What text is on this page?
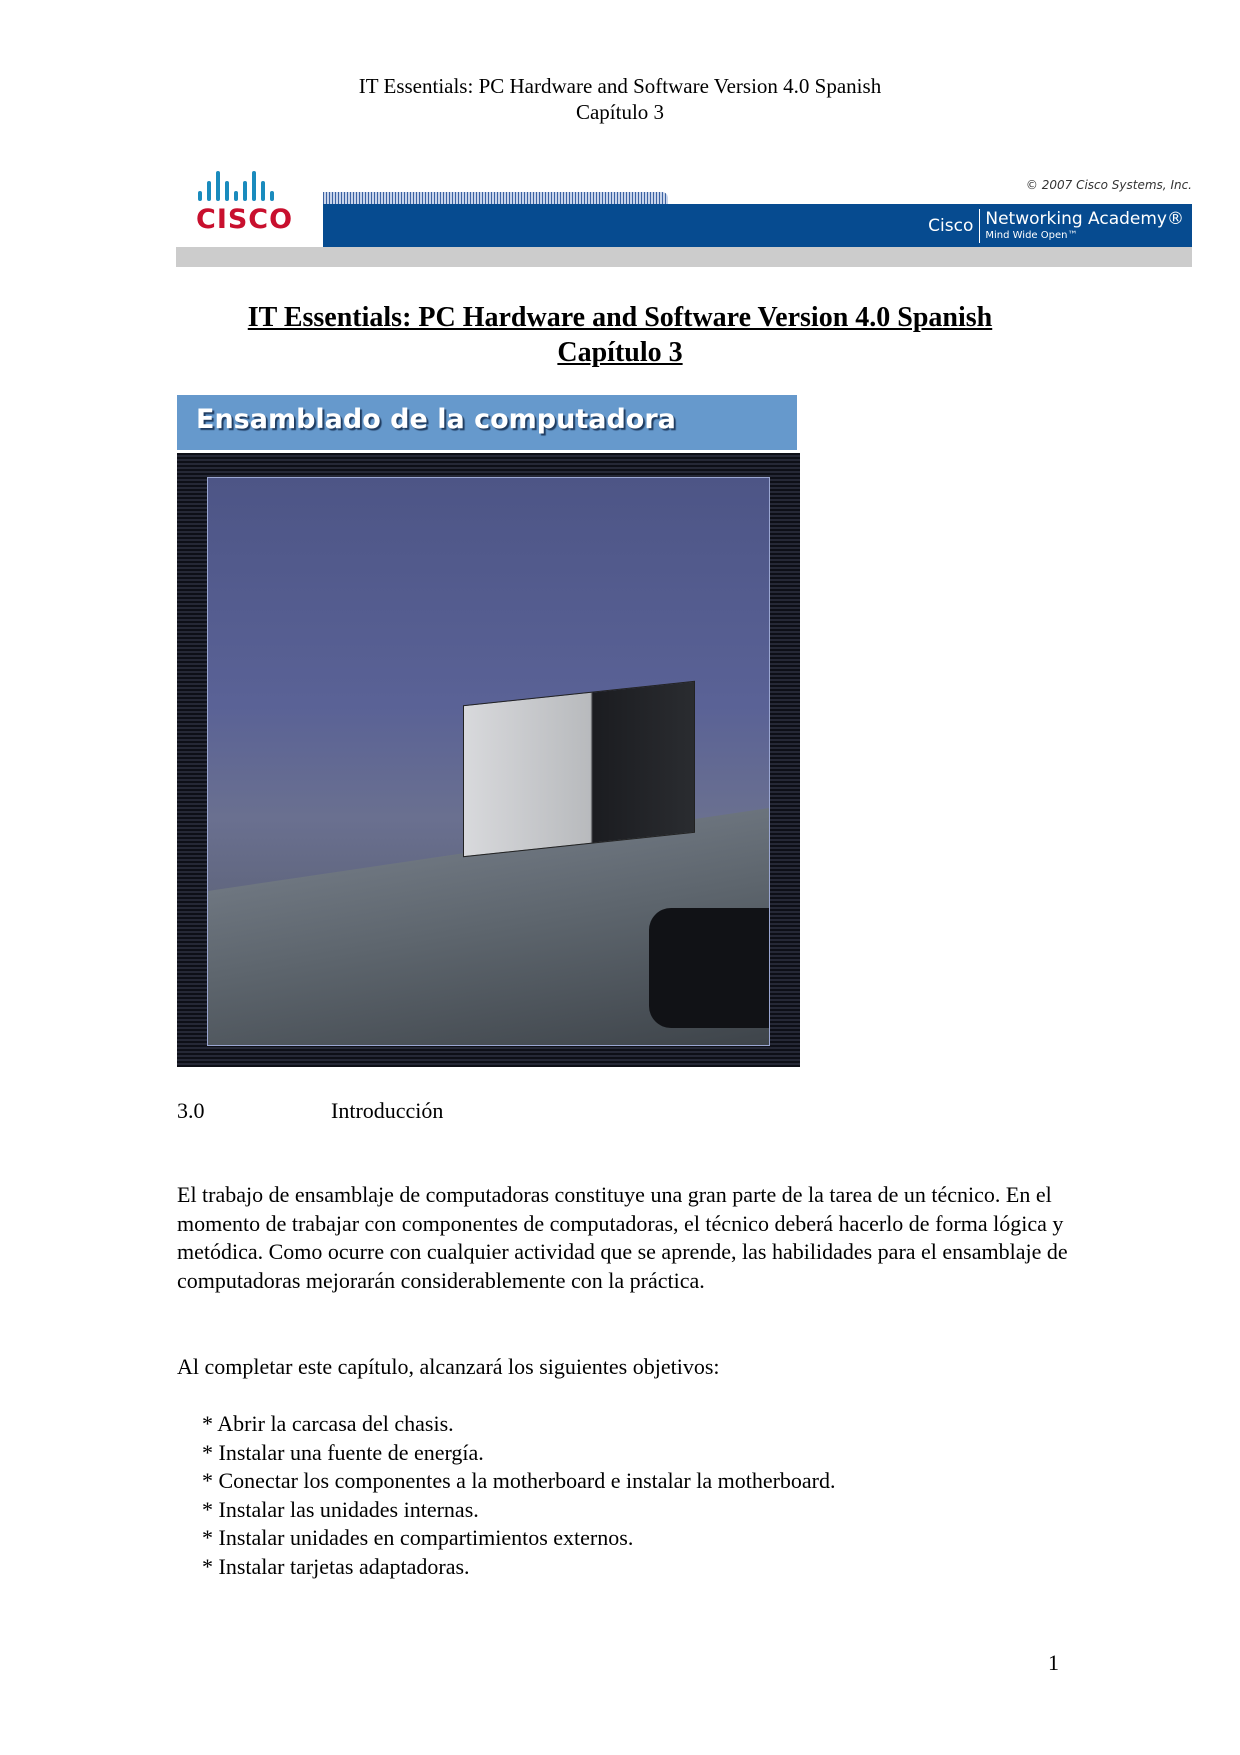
IT Essentials: PC Hardware and Software Version 4.0 Spanish
Capítulo 3
CISCO
© 2007 Cisco Systems, Inc.
Cisco Networking Academy®
Mind Wide Open™
IT Essentials: PC Hardware and Software Version 4.0 Spanish
Capítulo 3
Ensamblado de la computadora
3.0	Introducción
El trabajo de ensamblaje de computadoras constituye una gran parte de la tarea de un técnico. En el momento de trabajar con componentes de computadoras, el técnico deberá hacerlo de forma lógica y metódica. Como ocurre con cualquier actividad que se aprende, las habilidades para el ensamblaje de computadoras mejorarán considerablemente con la práctica.
Al completar este capítulo, alcanzará los siguientes objetivos:
* Abrir la carcasa del chasis.
* Instalar una fuente de energía.
* Conectar los componentes a la motherboard e instalar la motherboard.
* Instalar las unidades internas.
* Instalar unidades en compartimientos externos.
* Instalar tarjetas adaptadoras.
1
